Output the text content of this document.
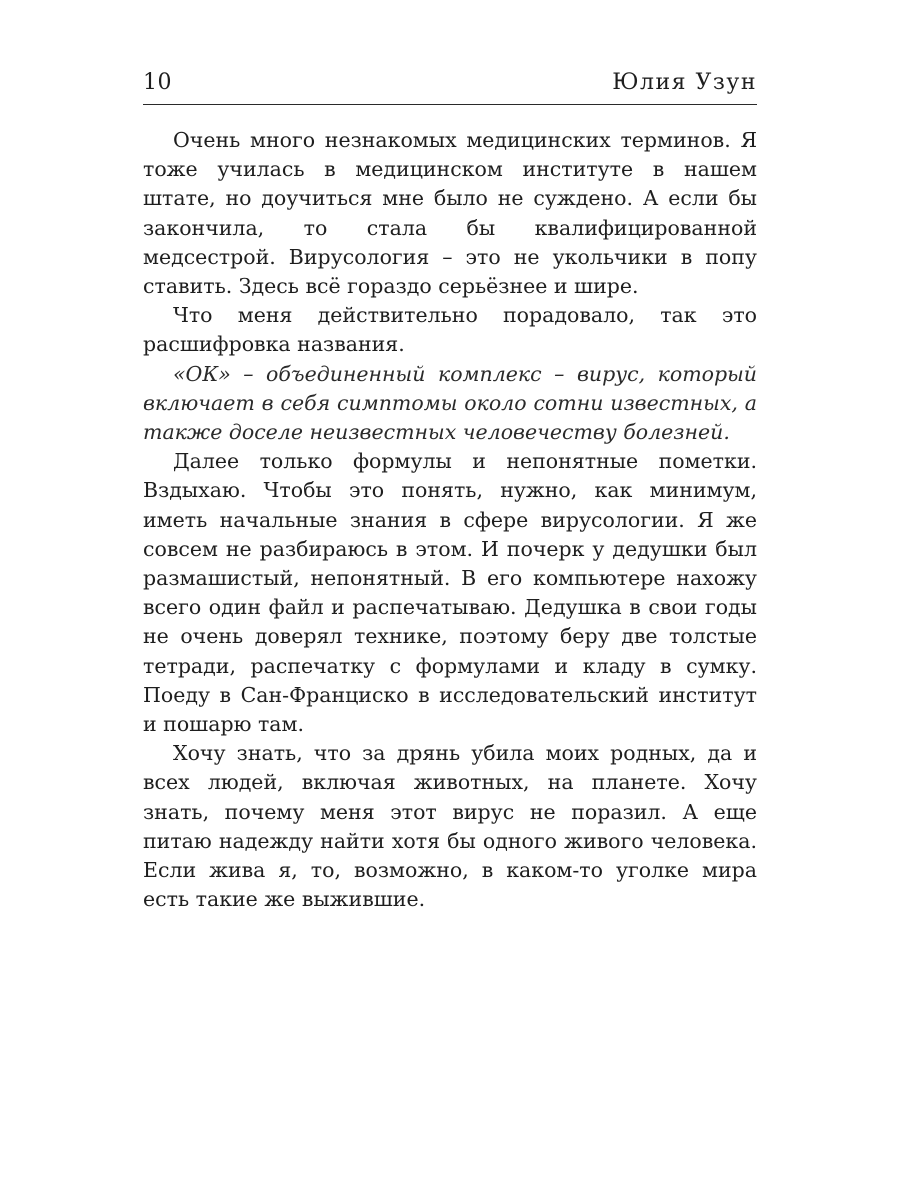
10	Юлия Узун

Очень много незнакомых медицинских терминов. Я тоже училась в медицинском институте в нашем штате, но доучиться мне было не суждено. А если бы закончила, то стала бы квалифицированной медсестрой. Вирусология – это не укольчики в попу ставить. Здесь всё гораздо серьёзнее и шире.

Что меня действительно порадовало, так это расшифровка названия.

«ОК» – объединенный комплекс – вирус, который включает в себя симптомы около сотни известных, а также доселе неизвестных человечеству болезней.

Далее только формулы и непонятные пометки. Вздыхаю. Чтобы это понять, нужно, как минимум, иметь начальные знания в сфере вирусологии. Я же совсем не разбираюсь в этом. И почерк у дедушки был размашистый, непонятный. В его компьютере нахожу всего один файл и распечатываю. Дедушка в свои годы не очень доверял технике, поэтому беру две толстые тетради, распечатку с формулами и кладу в сумку. Поеду в Сан-Франциско в исследовательский институт и пошарю там.

Хочу знать, что за дрянь убила моих родных, да и всех людей, включая животных, на планете. Хочу знать, почему меня этот вирус не поразил. А еще питаю надежду найти хотя бы одного живого человека. Если жива я, то, возможно, в каком-то уголке мира есть такие же выжившие.
